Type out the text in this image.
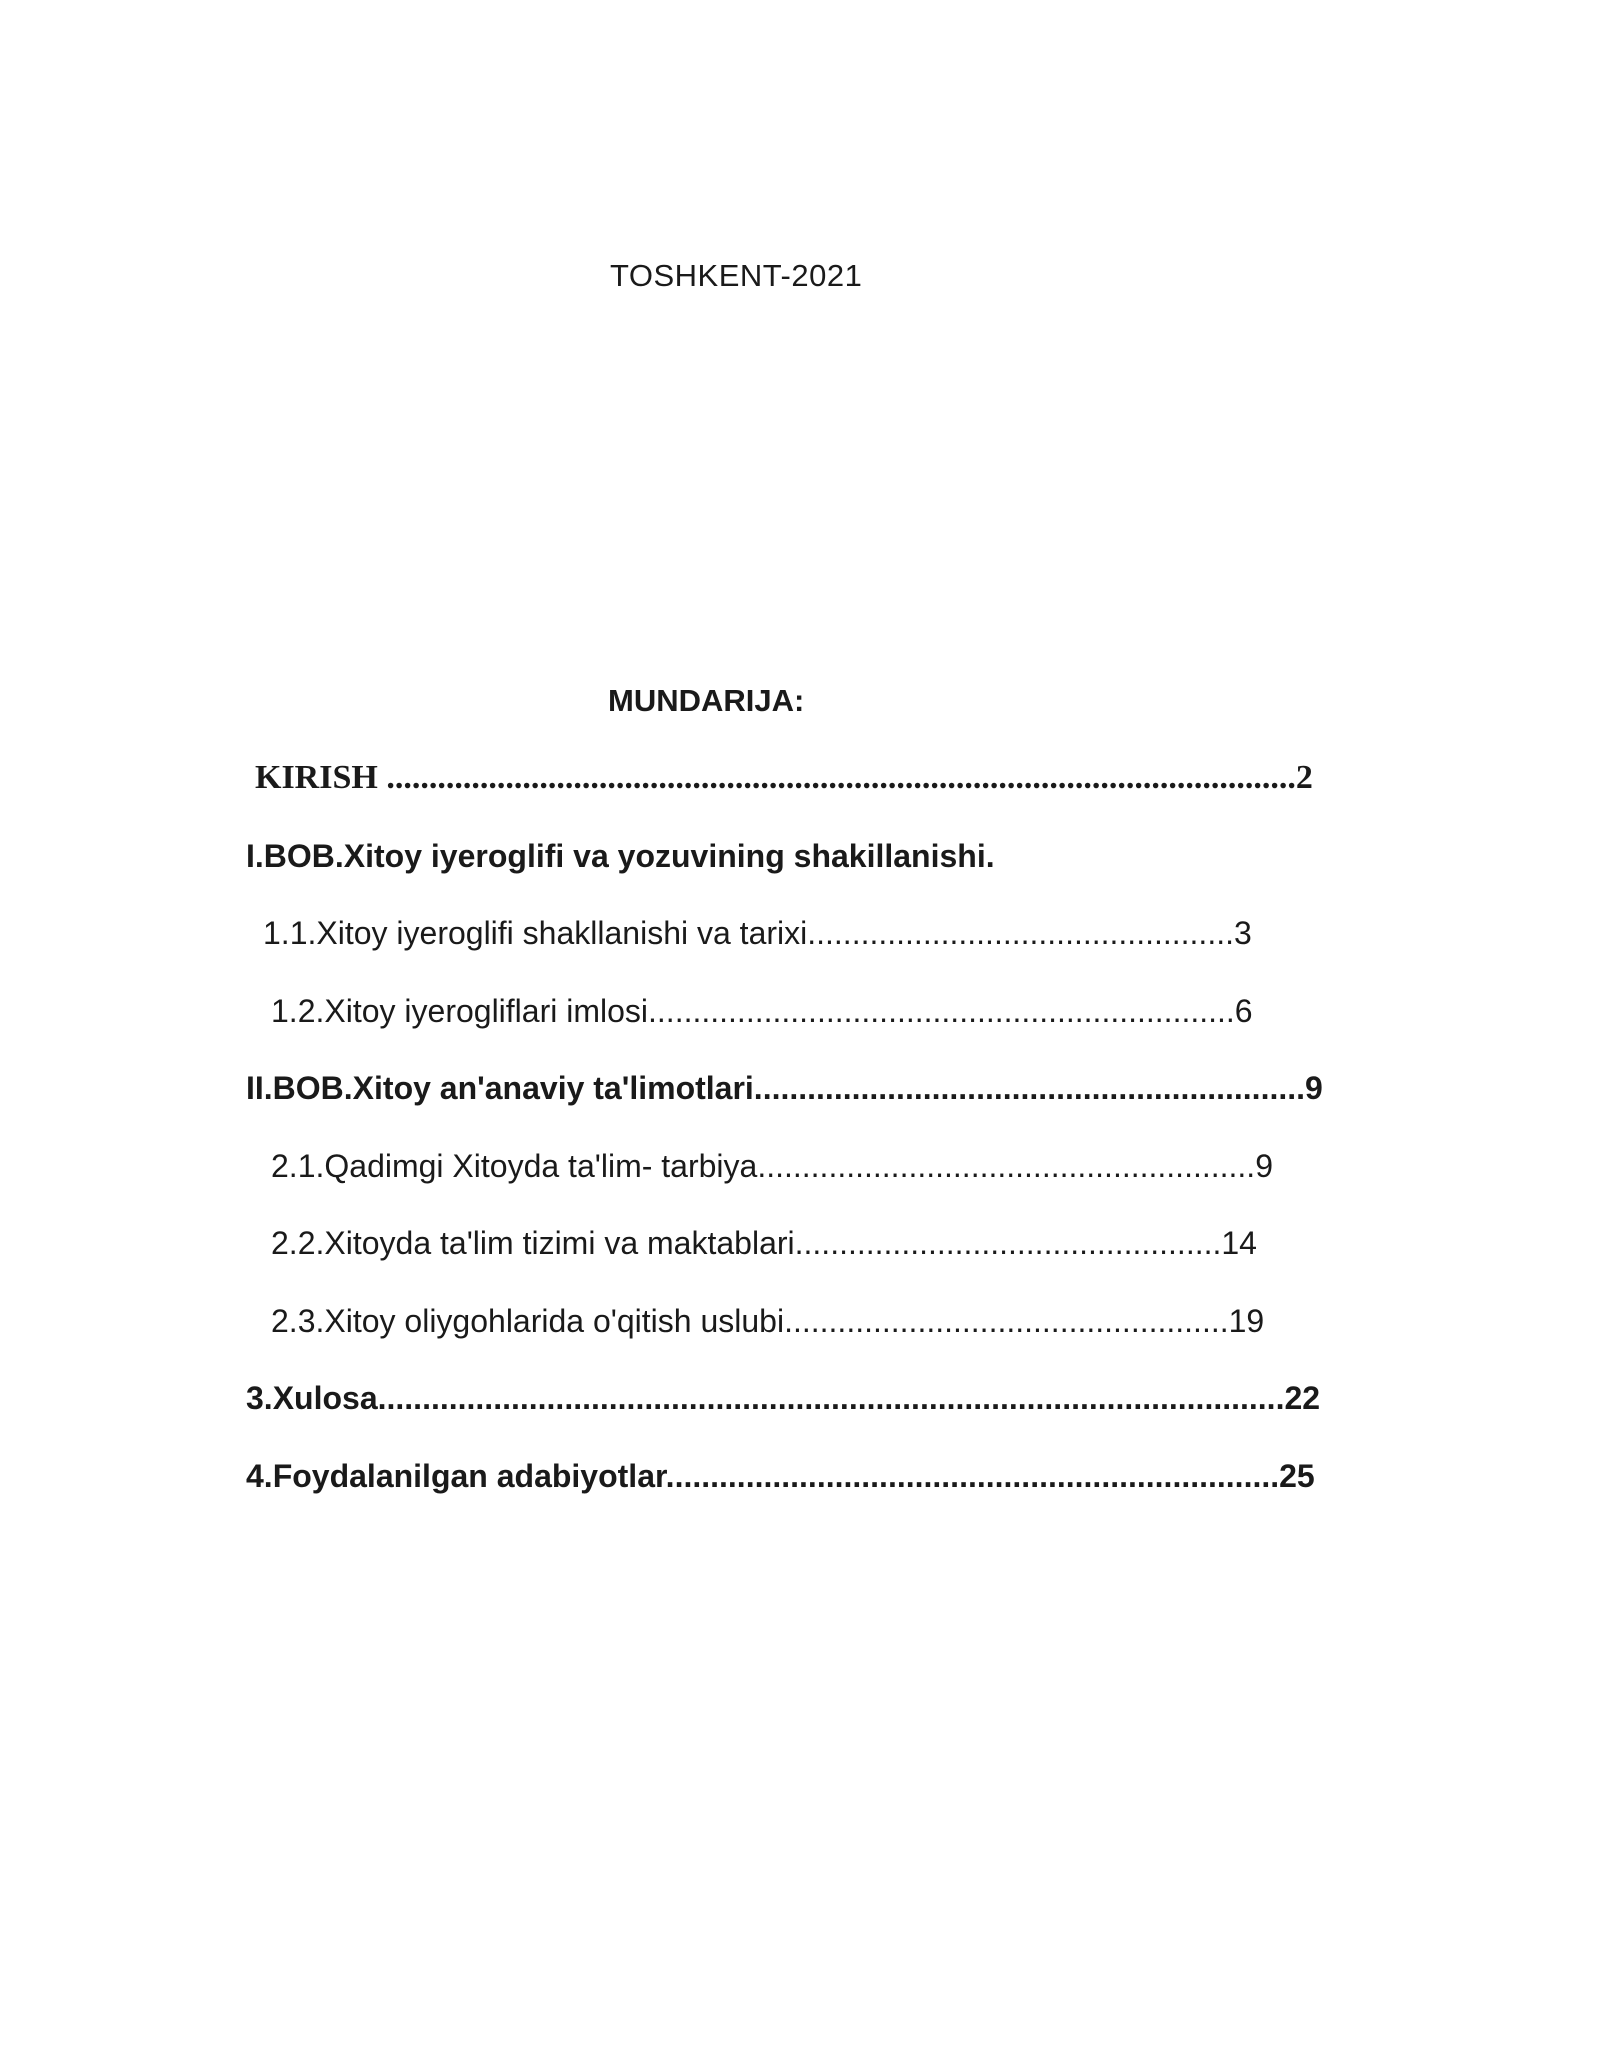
TOSHKENT-2021
MUNDARIJA:
KIRISH ...........................................................................................................2
I.BOB.Xitoy iyeroglifi va yozuvining shakillanishi.
1.1.Xitoy iyeroglifi shakllanishi va tarixi................................................3
1.2.Xitoy iyerogliflari imlosi..................................................................6
II.BOB.Xitoy an'anaviy ta'limotlari..............................................................9
2.1.Qadimgi Xitoyda ta'lim- tarbiya........................................................9
2.2.Xitoyda ta'lim tizimi va maktablari................................................14
2.3.Xitoy oliygohlarida o'qitish uslubi..................................................19
3.Xulosa......................................................................................................22
4.Foydalanilgan adabiyotlar.....................................................................25
